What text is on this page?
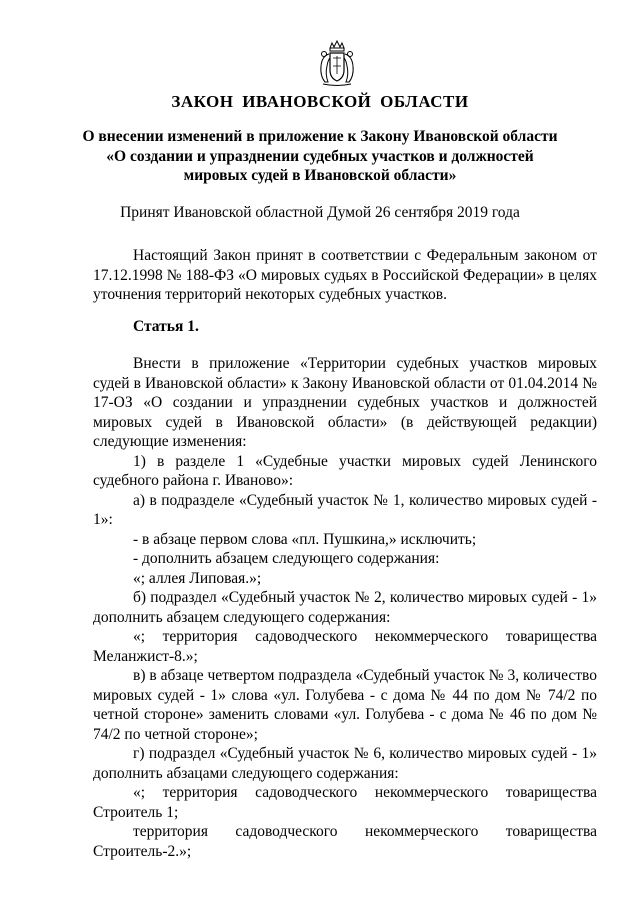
ЗАКОН ИВАНОВСКОЙ ОБЛАСТИ
О внесении изменений в приложение к Закону Ивановской области
«О создании и упразднении судебных участков и должностей
мировых судей в Ивановской области»
Принят Ивановской областной Думой 26 сентября 2019 года

Настоящий Закон принят в соответствии с Федеральным законом от 17.12.1998 № 188-ФЗ «О мировых судьях в Российской Федерации» в целях уточнения территорий некоторых судебных участков.

Статья 1.

Внести в приложение «Территории судебных участков мировых судей в Ивановской области» к Закону Ивановской области от 01.04.2014 № 17-ОЗ «О создании и упразднении судебных участков и должностей мировых судей в Ивановской области» (в действующей редакции) следующие изменения:

1) в разделе 1 «Судебные участки мировых судей Ленинского судебного района г. Иваново»:

а) в подразделе «Судебный участок № 1, количество мировых судей - 1»:

- в абзаце первом слова «пл. Пушкина,» исключить;

- дополнить абзацем следующего содержания:

«; аллея Липовая.»;

б) подраздел «Судебный участок № 2, количество мировых судей - 1» дополнить абзацем следующего содержания:

«; территория садоводческого некоммерческого товарищества Меланжист-8.»;

в) в абзаце четвертом подраздела «Судебный участок № 3, количество мировых судей - 1» слова «ул. Голубева - с дома № 44 по дом № 74/2 по четной стороне» заменить словами «ул. Голубева - с дома № 46 по дом № 74/2 по четной стороне»;

г) подраздел «Судебный участок № 6, количество мировых судей - 1» дополнить абзацами следующего содержания:

«; территория садоводческого некоммерческого товарищества Строитель 1;

территория садоводческого некоммерческого товарищества Строитель-2.»;
